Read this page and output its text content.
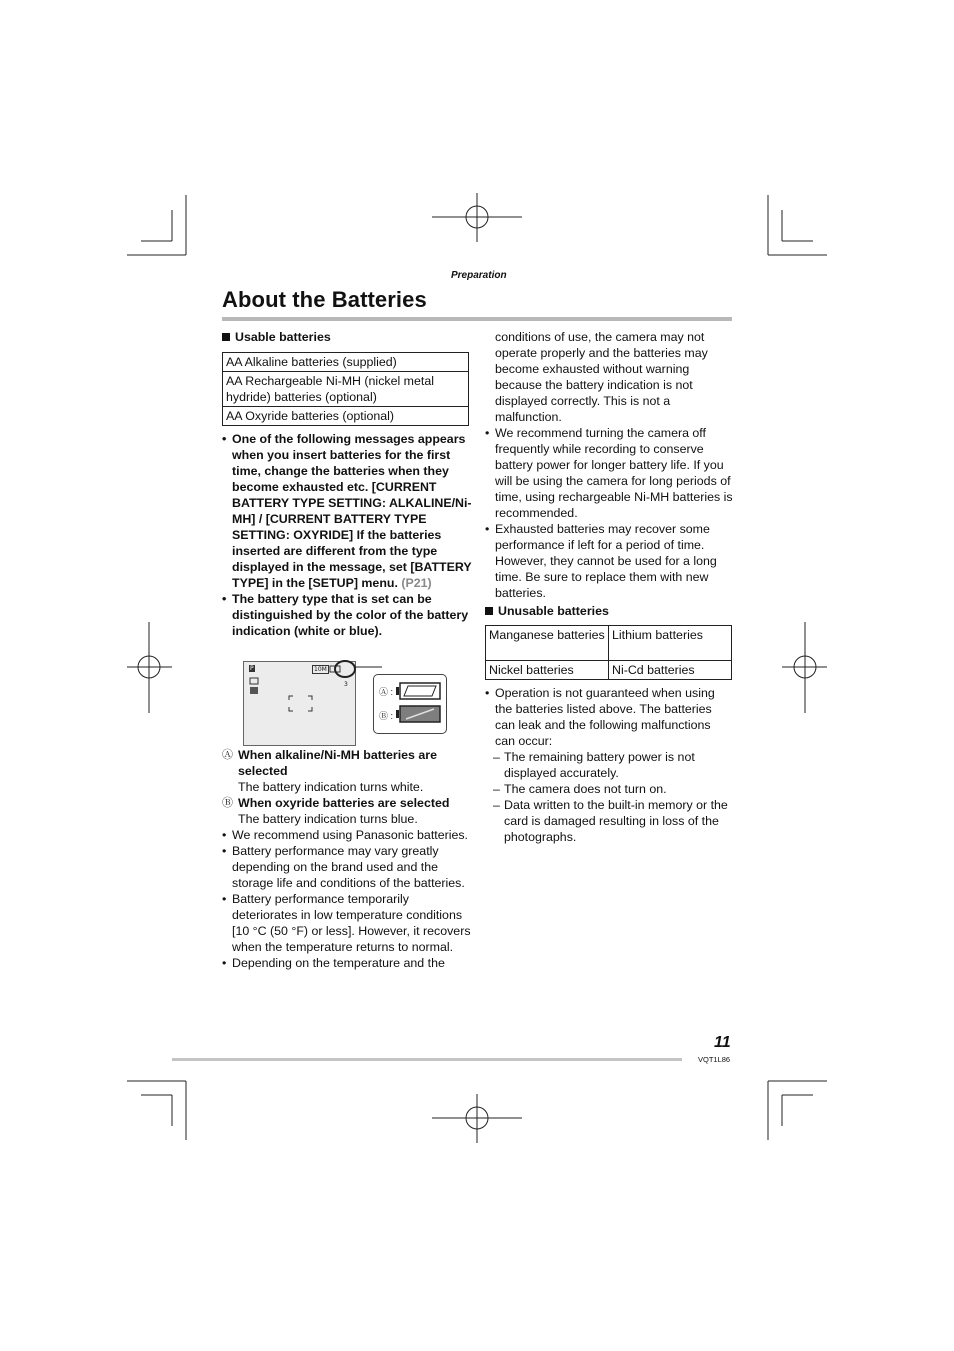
Preparation
About the Batteries
Usable batteries
AA Alkaline batteries (supplied)
AA Rechargeable Ni-MH (nickel metal hydride) batteries (optional)
AA Oxyride batteries (optional)
• One of the following messages appears when you insert batteries for the first time, change the batteries when they become exhausted etc. [CURRENT BATTERY TYPE SETTING: ALKALINE/Ni-MH] / [CURRENT BATTERY TYPE SETTING: OXYRIDE] If the batteries inserted are different from the type displayed in the message, set [BATTERY TYPE] in the [SETUP] menu. (P21)
• The battery type that is set can be distinguished by the color of the battery indication (white or blue).
P	10M
3
Ⓐ :
Ⓑ :
Ⓐ When alkaline/Ni-MH batteries are selected
The battery indication turns white.
Ⓑ When oxyride batteries are selected
The battery indication turns blue.
• We recommend using Panasonic batteries.
• Battery performance may vary greatly depending on the brand used and the storage life and conditions of the batteries.
• Battery performance temporarily deteriorates in low temperature conditions [10 °C (50 °F) or less]. However, it recovers when the temperature returns to normal.
• Depending on the temperature and the
conditions of use, the camera may not operate properly and the batteries may become exhausted without warning because the battery indication is not displayed correctly. This is not a malfunction.
• We recommend turning the camera off frequently while recording to conserve battery power for longer battery life. If you will be using the camera for long periods of time, using rechargeable Ni-MH batteries is recommended.
• Exhausted batteries may recover some performance if left for a period of time. However, they cannot be used for a long time. Be sure to replace them with new batteries.
Unusable batteries
Manganese batteries	Lithium batteries
Nickel batteries	Ni-Cd batteries
• Operation is not guaranteed when using the batteries listed above. The batteries can leak and the following malfunctions can occur:
– The remaining battery power is not displayed accurately.
– The camera does not turn on.
– Data written to the built-in memory or the card is damaged resulting in loss of the photographs.
11
VQT1L86
